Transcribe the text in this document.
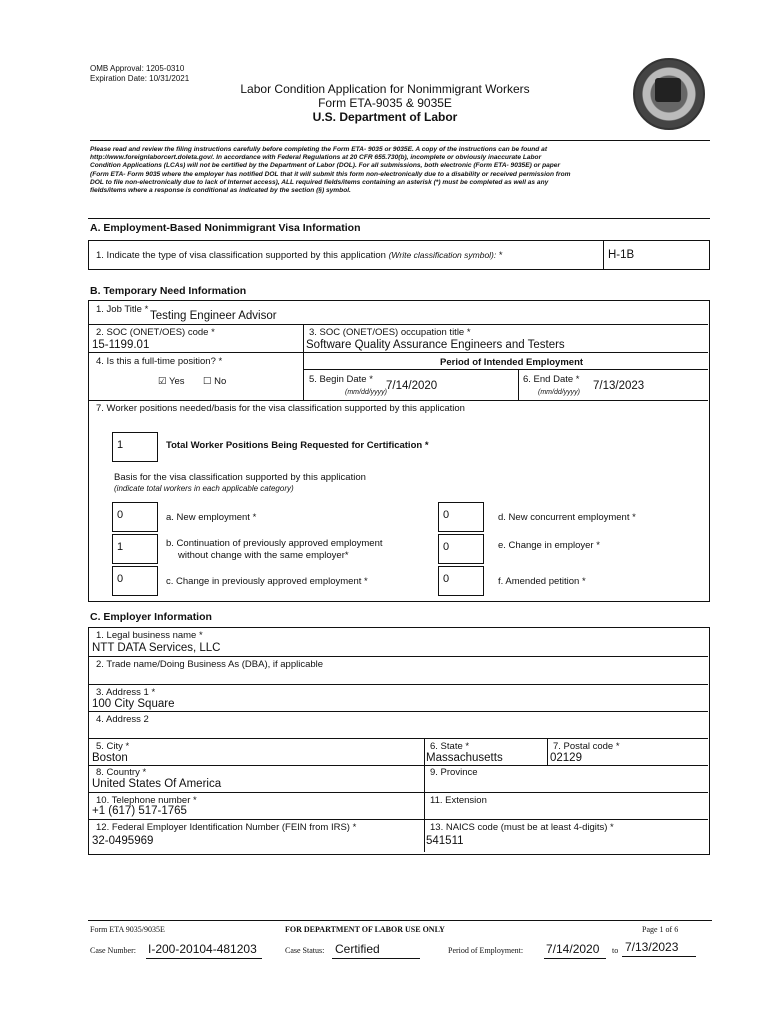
OMB Approval: 1205-0310
Expiration Date: 10/31/2021
Labor Condition Application for Nonimmigrant Workers
Form ETA-9035 & 9035E
U.S. Department of Labor
Please read and review the filing instructions carefully before completing the Form ETA- 9035 or 9035E. A copy of the instructions can be found at
http://www.foreignlaborcert.doleta.gov/. In accordance with Federal Regulations at 20 CFR 655.730(b), incomplete or obviously inaccurate Labor
Condition Applications (LCAs) will not be certified by the Department of Labor (DOL). For all submissions, both electronic (Form ETA- 9035E) or paper
(Form ETA- Form 9035 where the employer has notified DOL that it will submit this form non-electronically due to a disability or received permission from
DOL to file non-electronically due to lack of Internet access), ALL required fields/items containing an asterisk (*) must be completed as well as any
fields/items where a response is conditional as indicated by the section (§) symbol.
A. Employment-Based Nonimmigrant Visa Information
1. Indicate the type of visa classification supported by this application (Write classification symbol): *	H-1B
B. Temporary Need Information
1. Job Title *
Testing Engineer Advisor
2. SOC (ONET/OES) code *
15-1199.01
3. SOC (ONET/OES) occupation title *
Software Quality Assurance Engineers and Testers
4. Is this a full-time position? *
☑ Yes ☐ No
Period of Intended Employment
5. Begin Date *
7/14/2020
(mm/dd/yyyy)
6. End Date *
7/13/2023
(mm/dd/yyyy)
7. Worker positions needed/basis for the visa classification supported by this application
1	Total Worker Positions Being Requested for Certification *
Basis for the visa classification supported by this application
(indicate total workers in each applicable category)
0	a. New employment *
1	b. Continuation of previously approved employment
without change with the same employer*
0	c. Change in previously approved employment *
0	d. New concurrent employment *
0	e. Change in employer *
0	f. Amended petition *
C. Employer Information
1. Legal business name *
NTT DATA Services, LLC
2. Trade name/Doing Business As (DBA), if applicable
3. Address 1 *
100 City Square
4. Address 2
5. City *
Boston
6. State *
Massachusetts
7. Postal code *
02129
8. Country *
United States Of America
9. Province
10. Telephone number *
+1 (617) 517-1765
11. Extension
12. Federal Employer Identification Number (FEIN from IRS) *
32-0495969
13. NAICS code (must be at least 4-digits) *
541511
Form ETA 9035/9035E	FOR DEPARTMENT OF LABOR USE ONLY	Page 1 of 6
Case Number: I-200-20104-481203	Case Status: Certified	Period of Employment: 7/14/2020 to 7/13/2023
